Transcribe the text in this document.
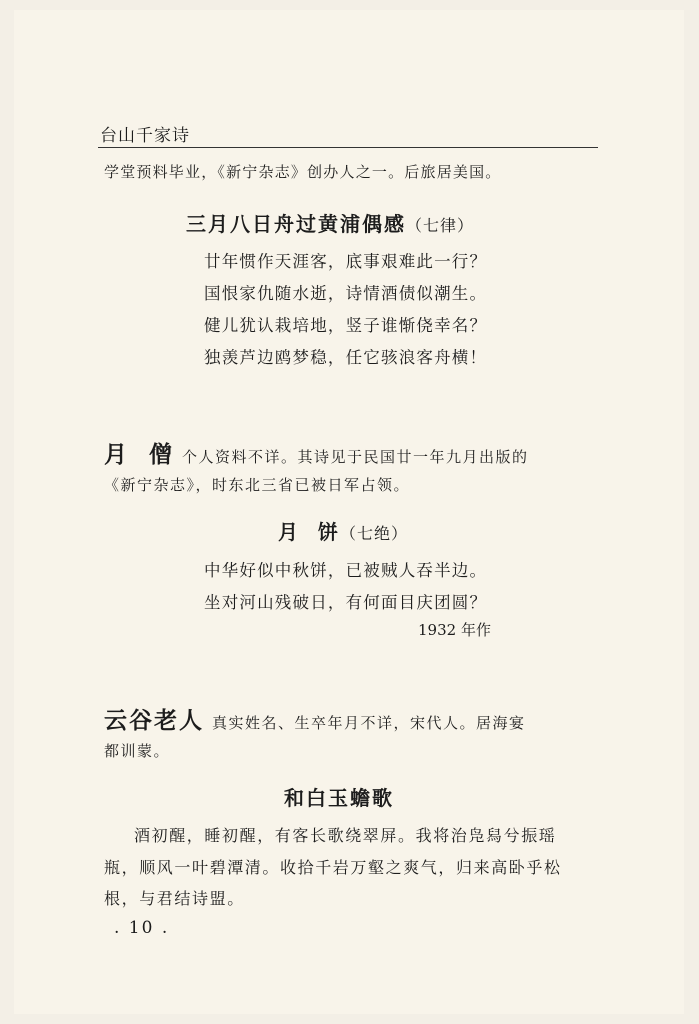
台山千家诗
学堂预料毕业，《新宁杂志》创办人之一。后旅居美国。
三月八日舟过黄浦偶感（七律）
廿年惯作天涯客，底事艰难此一行？
国恨家仇随水逝，诗情酒债似潮生。
健儿犹认栽培地，竖子谁惭侥幸名？
独羡芦边鸥梦稳，任它骇浪客舟横！
月  僧 个人资料不详。其诗见于民国廿一年九月出版的
《新宁杂志》，时东北三省已被日军占领。
月  饼（七绝）
中华好似中秋饼，已被贼人吞半边。
坐对河山残破日，有何面目庆团圆？
1932 年作
云谷老人 真实姓名、生卒年月不详，宋代人。居海宴
都训蒙。
和白玉蟾歌
酒初醒，睡初醒，有客长歌绕翠屏。我将治凫舄兮振瑶
瓶，顺风一叶碧潭清。收拾千岩万壑之爽气，归来高卧乎松
根，与君结诗盟。
. 10 .
